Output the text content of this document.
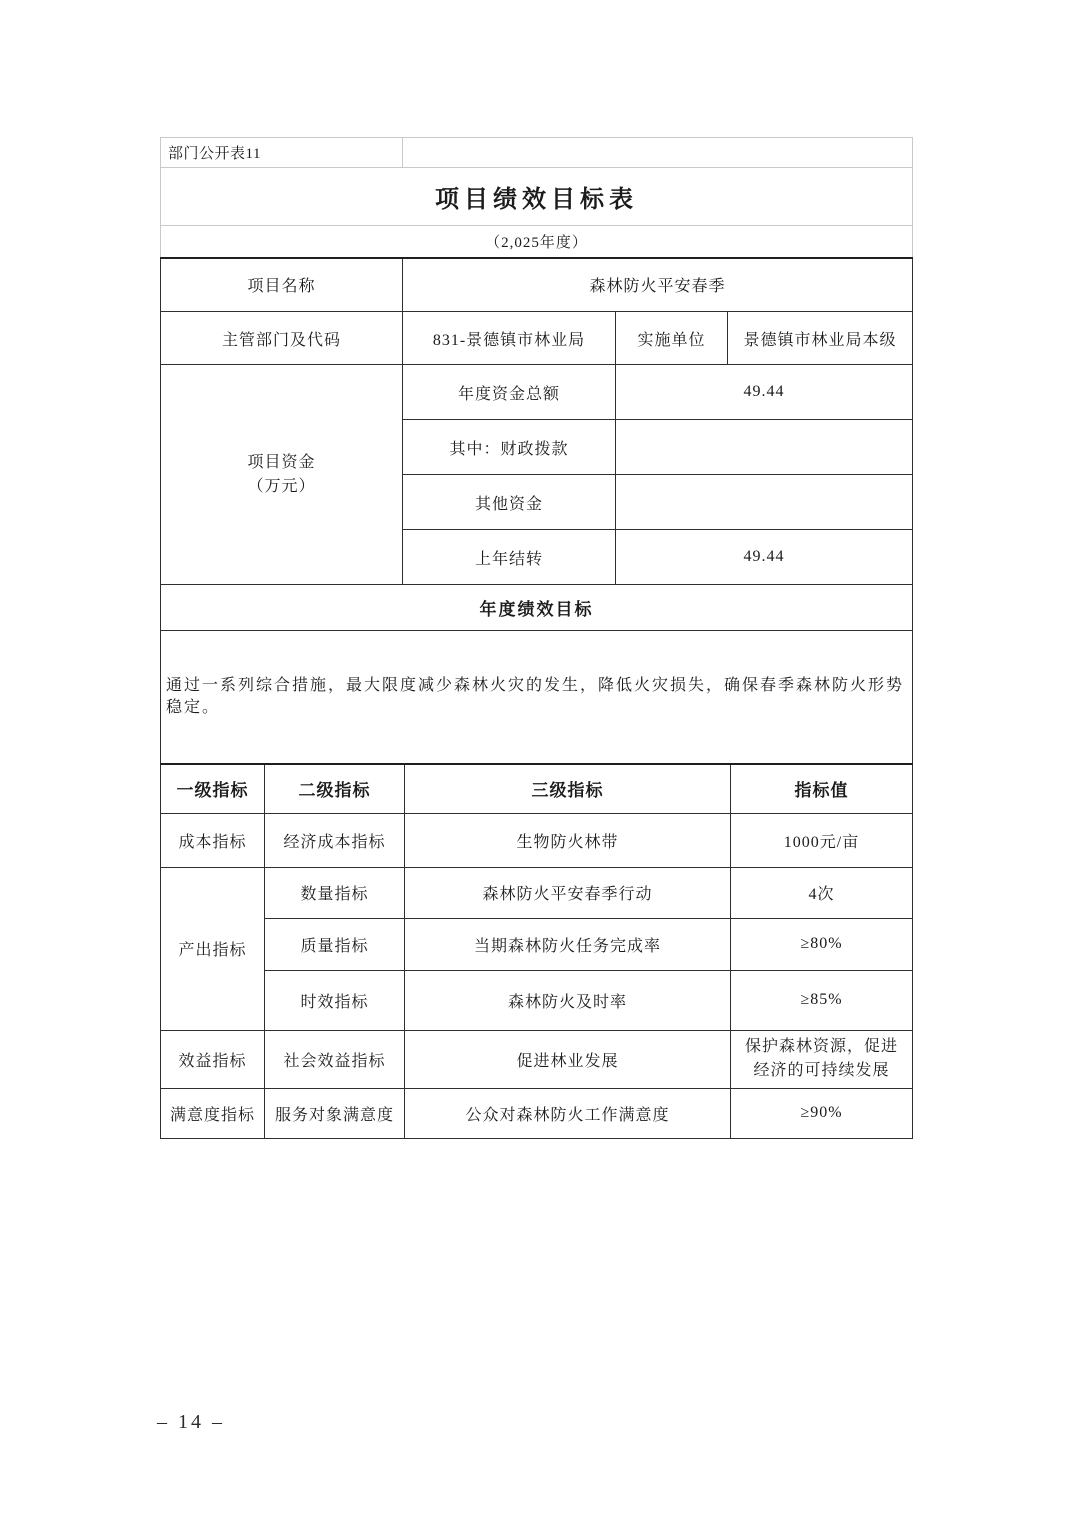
部门公开表11			
项目绩效目标表			
（2,025年度）			
项目名称	森林防火平安春季		
主管部门及代码	831-景德镇市林业局	实施单位	景德镇市林业局本级

项目资金
（万元）	年度资金总额	49.44	
	其中：财政拨款		
	其他资金		
	上年结转	49.44	
年度绩效目标			
通过一系列综合措施，最大限度减少森林火灾的发生，降低火灾损失，确保春季森林防火形势稳定。			
一级指标	二级指标	三级指标	指标值
成本指标	经济成本指标	生物防火林带	1000元/亩
产出指标	数量指标	森林防火平安春季行动	4次
	质量指标	当期森林防火任务完成率	≥80%
	时效指标	森林防火及时率	≥85%
效益指标	社会效益指标	促进林业发展	保护森林资源，促进经济的可持续发展
满意度指标	服务对象满意度	公众对森林防火工作满意度	≥90%
– 14 –
